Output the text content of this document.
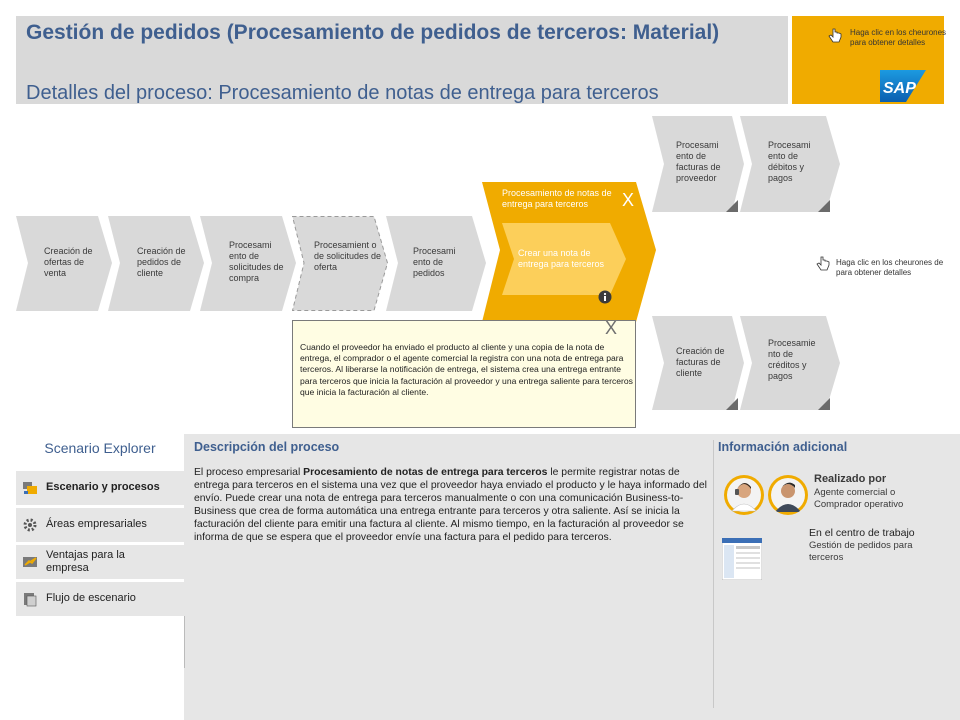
Gestión de pedidos (Procesamiento de pedidos de terceros: Material)
Detalles del proceso: Procesamiento de notas de entrega para terceros
Haga clic en los cheurones para obtener detalles
SAP
Creación de ofertas de venta
Creación de pedidos de cliente
Procesami ento de solicitudes de compra
Procesamient o de solicitudes de oferta
Procesami ento de pedidos
Procesamiento de notas de entrega para terceros	X
Crear una nota de entrega para terceros
Procesami ento de facturas de proveedor
Procesami ento de débitos y pagos
Haga clic en los cheurones de para obtener detalles
Creación de facturas de cliente
Procesamie nto de créditos y pagos
X
Cuando el proveedor ha enviado el producto al cliente y una copia de la nota de entrega, el comprador o el agente comercial la registra con una nota de entrega para terceros. Al liberarse la notificación de entrega, el sistema crea una entrega entrante para terceros que inicia la facturación al proveedor y una entrega saliente para terceros que inicia la facturación al cliente.
Scenario Explorer
Escenario y procesos
Áreas empresariales
Ventajas para la empresa
Flujo de escenario
Descripción del proceso
El proceso empresarial Procesamiento de notas de entrega para terceros le permite registrar notas de entrega para terceros en el sistema una vez que el proveedor haya enviado el producto y le haya informado del envío. Puede crear una nota de entrega para terceros manualmente o con una comunicación Business-to-Business que crea de forma automática una entrega entrante para terceros y otra saliente. Así se inicia la facturación del cliente para emitir una factura al cliente. Al mismo tiempo, en la facturación al proveedor se informa de que se espera que el proveedor envíe una factura para el pedido para terceros.
Información adicional
Realizado por
Agente comercial o Comprador operativo
En el centro de trabajo
Gestión de pedidos para terceros
